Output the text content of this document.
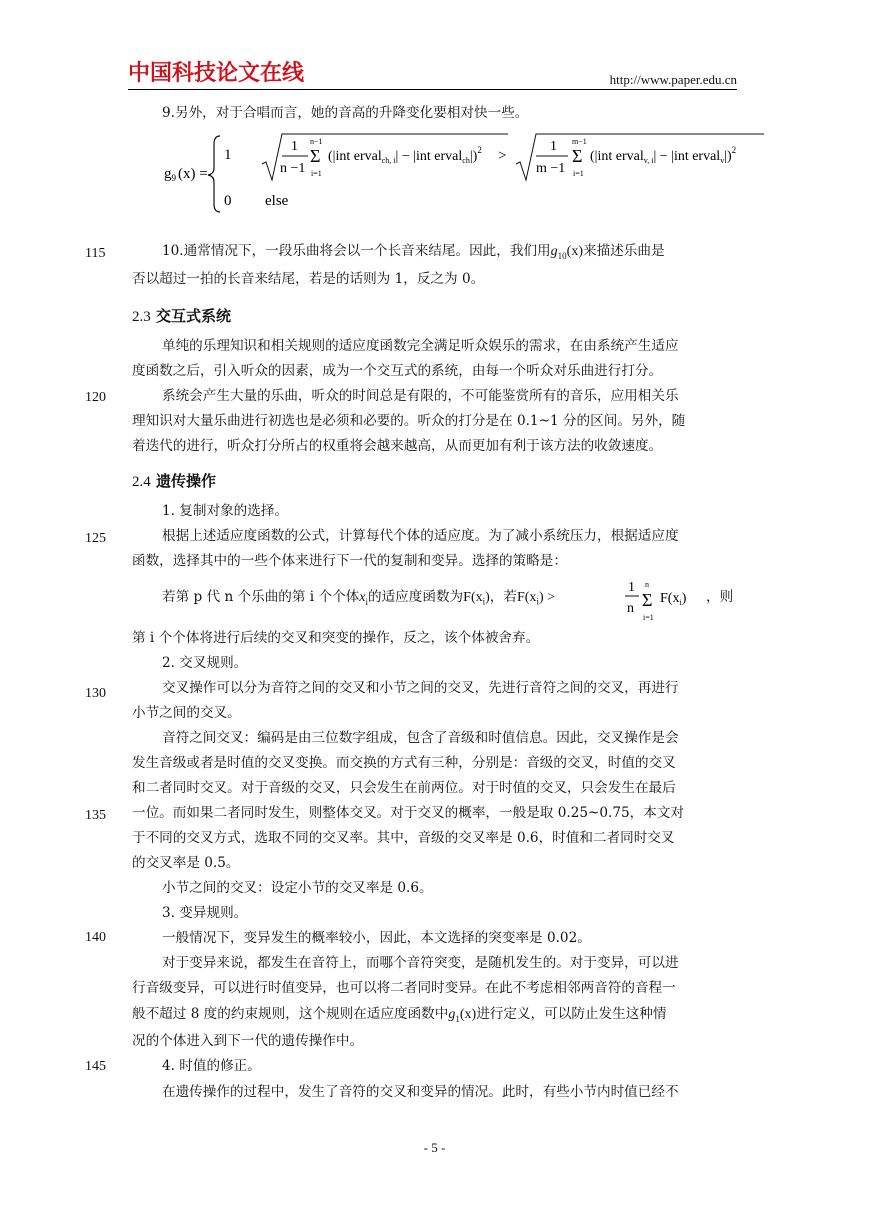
中国科技论文在线	http://www.paper.edu.cn
9.另外，对于合唱而言，她的音高的升降变化要相对快一些。
$g_9$ (x) =
1
0 else
1
n −1
n−1
Σ
i=1
(|int erval$_{ch, i}$| − |int erval$_{ch}$|)$^2$ >
1
m −1
m−1
Σ
i=1
(|int erval$_{v, i}$| − |int erval$_v$|)$^2$
115
120
125
130
135
140
145
10.通常情况下，一段乐曲将会以一个长音来结尾。因此，我们用$g_{10}(x)$来描述乐曲是
否以超过一拍的长音来结尾，若是的话则为 1，反之为 0。
2.3 交互式系统
单纯的乐理知识和相关规则的适应度函数完全满足听众娱乐的需求，在由系统产生适应
度函数之后，引入听众的因素，成为一个交互式的系统，由每一个听众对乐曲进行打分。
系统会产生大量的乐曲，听众的时间总是有限的，不可能鉴赏所有的音乐，应用相关乐
理知识对大量乐曲进行初选也是必须和必要的。听众的打分是在 0.1~1 分的区间。另外，随
着迭代的进行，听众打分所占的权重将会越来越高，从而更加有利于该方法的收敛速度。
2.4 遗传操作
1. 复制对象的选择。
根据上述适应度函数的公式，计算每代个体的适应度。为了减小系统压力，根据适应度
函数，选择其中的一些个体来进行下一代的复制和变异。选择的策略是：
若第 p 代 n 个乐曲的第 i 个个体$x_i$的适应度函数为$F(x_i)$，若$F(x_i)$ >
1
n
n
Σ
i=1
$F(x_i)$ ，则
第 i 个个体将进行后续的交叉和突变的操作，反之，该个体被舍弃。
2. 交叉规则。
交叉操作可以分为音符之间的交叉和小节之间的交叉，先进行音符之间的交叉，再进行
小节之间的交叉。
音符之间交叉：编码是由三位数字组成，包含了音级和时值信息。因此，交叉操作是会
发生音级或者是时值的交叉变换。而交换的方式有三种，分别是：音级的交叉，时值的交叉
和二者同时交叉。对于音级的交叉，只会发生在前两位。对于时值的交叉，只会发生在最后
一位。而如果二者同时发生，则整体交叉。对于交叉的概率，一般是取 0.25~0.75，本文对
于不同的交叉方式，选取不同的交叉率。其中，音级的交叉率是 0.6，时值和二者同时交叉
的交叉率是 0.5。
小节之间的交叉：设定小节的交叉率是 0.6。
3. 变异规则。
一般情况下，变异发生的概率较小，因此，本文选择的突变率是 0.02。
对于变异来说，都发生在音符上，而哪个音符突变，是随机发生的。对于变异，可以进
行音级变异，可以进行时值变异，也可以将二者同时变异。在此不考虑相邻两音符的音程一
般不超过 8 度的约束规则，这个规则在适应度函数中$g_1(x)$进行定义，可以防止发生这种情
况的个体进入到下一代的遗传操作中。
4. 时值的修正。
在遗传操作的过程中，发生了音符的交叉和变异的情况。此时，有些小节内时值已经不
- 5 -
